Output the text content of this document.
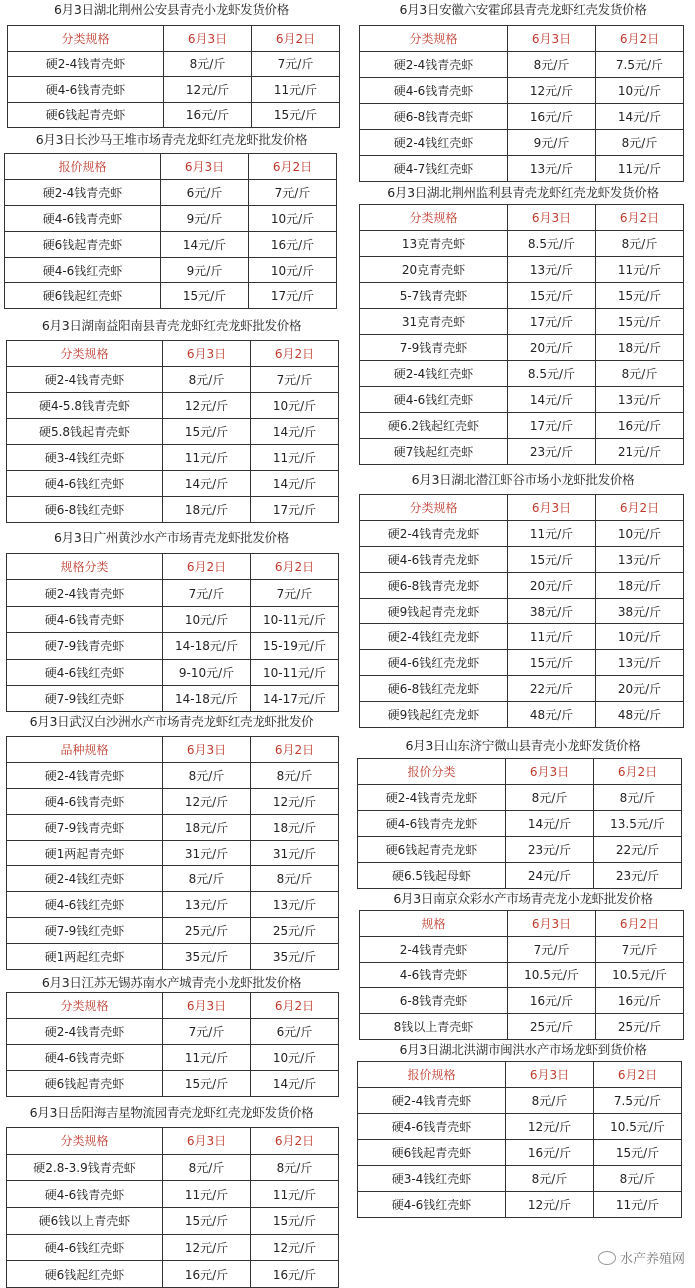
6月3日湖北荆州公安县青壳小龙虾发货价格
分类规格	6月3日	6月2日
硬2-4钱青壳虾	8元/斤	7元/斤
硬4-6钱青壳虾	12元/斤	11元/斤
硬6钱起青壳虾	16元/斤	15元/斤
6月3日长沙马王堆市场青壳龙虾红壳龙虾批发价格
报价规格	6月3日	6月2日
硬2-4钱青壳虾	6元/斤	7元/斤
硬4-6钱青壳虾	9元/斤	10元/斤
硬6钱起青壳虾	14元/斤	16元/斤
硬4-6钱红壳虾	9元/斤	10元/斤
硬6钱起红壳虾	15元/斤	17元/斤
6月3日湖南益阳南县青壳龙虾红壳龙虾批发价格
分类规格	6月3日	6月2日
硬2-4钱青壳虾	8元/斤	7元/斤
硬4-5.8钱青壳虾	12元/斤	10元/斤
硬5.8钱起青壳虾	15元/斤	14元/斤
硬3-4钱红壳虾	11元/斤	11元/斤
硬4-6钱红壳虾	14元/斤	14元/斤
硬6-8钱红壳虾	18元/斤	17元/斤
6月3日广州黄沙水产市场青壳龙虾批发价格
规格分类	6月2日	6月2日
硬2-4钱青壳虾	7元/斤	7元/斤
硬4-6钱青壳虾	10元/斤	10-11元/斤
硬7-9钱青壳虾	14-18元/斤	15-19元/斤
硬4-6钱红壳虾	9-10元/斤	10-11元/斤
硬7-9钱红壳虾	14-18元/斤	14-17元/斤
6月3日武汉白沙洲水产市场青壳龙虾红壳龙虾批发价
品种规格	6月3日	6月2日
硬2-4钱青壳虾	8元/斤	8元/斤
硬4-6钱青壳虾	12元/斤	12元/斤
硬7-9钱青壳虾	18元/斤	18元/斤
硬1两起青壳虾	31元/斤	31元/斤
硬2-4钱红壳虾	8元/斤	8元/斤
硬4-6钱红壳虾	13元/斤	13元/斤
硬7-9钱红壳虾	25元/斤	25元/斤
硬1两起红壳虾	35元/斤	35元/斤
6月3日江苏无锡苏南水产城青壳小龙虾批发价格
分类规格	6月3日	6月2日
硬2-4钱青壳虾	7元/斤	6元/斤
硬4-6钱青壳虾	11元/斤	10元/斤
硬6钱起青壳虾	15元/斤	14元/斤
6月3日岳阳海吉星物流园青壳龙虾红壳龙虾发货价格
分类规格	6月3日	6月2日
硬2.8-3.9钱青壳虾	8元/斤	8元/斤
硬4-6钱青壳虾	11元/斤	11元/斤
硬6钱以上青壳虾	15元/斤	15元/斤
硬4-6钱红壳虾	12元/斤	12元/斤
硬6钱起红壳虾	16元/斤	16元/斤
6月3日安徽六安霍邱县青壳龙虾红壳发货价格
分类规格	6月3日	6月2日
硬2-4钱青壳虾	8元/斤	7.5元/斤
硬4-6钱青壳虾	12元/斤	10元/斤
硬6-8钱青壳虾	16元/斤	14元/斤
硬2-4钱红壳虾	9元/斤	8元/斤
硬4-7钱红壳虾	13元/斤	11元/斤
6月3日湖北荆州监利县青壳龙虾红壳龙虾发货价格
分类规格	6月3日	6月2日
13克青壳虾	8.5元/斤	8元/斤
20克青壳虾	13元/斤	11元/斤
5-7钱青壳虾	15元/斤	15元/斤
31克青壳虾	17元/斤	15元/斤
7-9钱青壳虾	20元/斤	18元/斤
硬2-4钱红壳虾	8.5元/斤	8元/斤
硬4-6钱红壳虾	14元/斤	13元/斤
硬6.2钱起红壳虾	17元/斤	16元/斤
硬7钱起红壳虾	23元/斤	21元/斤
6月3日湖北潜江虾谷市场小龙虾批发价格
分类规格	6月3日	6月2日
硬2-4钱青壳龙虾	11元/斤	10元/斤
硬4-6钱青壳龙虾	15元/斤	13元/斤
硬6-8钱青壳龙虾	20元/斤	18元/斤
硬9钱起青壳龙虾	38元/斤	38元/斤
硬2-4钱红壳龙虾	11元/斤	10元/斤
硬4-6钱红壳龙虾	15元/斤	13元/斤
硬6-8钱红壳龙虾	22元/斤	20元/斤
硬9钱起红壳龙虾	48元/斤	48元/斤
6月3日山东济宁微山县青壳小龙虾发货价格
报价分类	6月3日	6月2日
硬2-4钱青壳龙虾	8元/斤	8元/斤
硬4-6钱青壳龙虾	14元/斤	13.5元/斤
硬6钱起青壳龙虾	23元/斤	22元/斤
硬6.5钱起母虾	24元/斤	23元/斤
6月3日南京众彩水产市场青壳龙小龙虾批发价格
规格	6月3日	6月2日
2-4钱青壳虾	7元/斤	7元/斤
4-6钱青壳虾	10.5元/斤	10.5元/斤
6-8钱青壳虾	16元/斤	16元/斤
8钱以上青壳虾	25元/斤	25元/斤
6月3日湖北洪湖市闽洪水产市场龙虾到货价格
报价规格	6月3日	6月2日
硬2-4钱青壳虾	8元/斤	7.5元/斤
硬4-6钱青壳虾	12元/斤	10.5元/斤
硬6钱起青壳虾	16元/斤	15元/斤
硬3-4钱红壳虾	8元/斤	8元/斤
硬4-6钱红壳虾	12元/斤	11元/斤
水产养殖网
